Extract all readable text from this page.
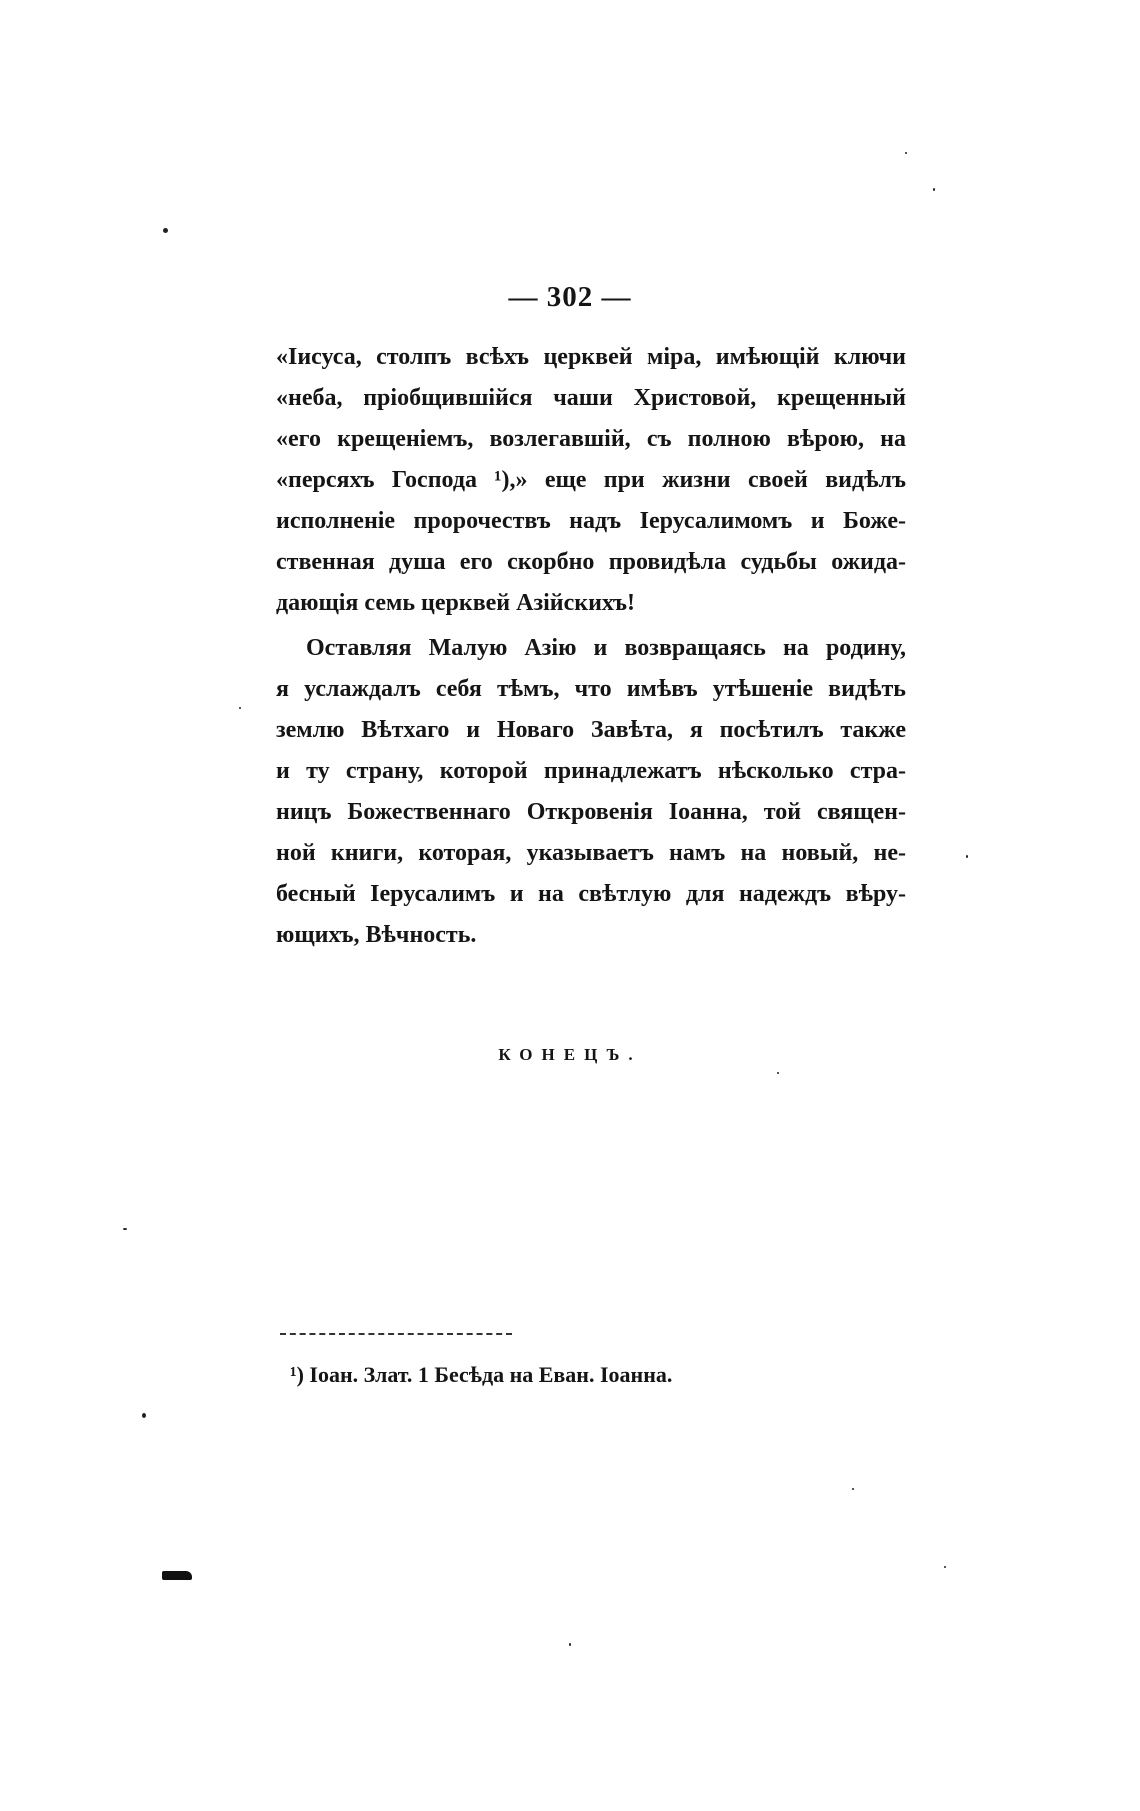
— 302 —
«Іисуса, столпъ всѣхъ церквей міра, имѣющій ключи
«неба, пріобщившійся чаши Христовой, крещенный
«его крещеніемъ, возлегавшій, съ полною вѣрою, на
«персяхъ Господа ¹),» еще при жизни своей видѣлъ
исполненіе пророчествъ надъ Іерусалимомъ и Боже-
ственная душа его скорбно провидѣла судьбы ожида-
дающія семь церквей Азійскихъ!
Оставляя Малую Азію и возвращаясь на родину,
я услаждалъ себя тѣмъ, что имѣвъ утѣшеніе видѣть
землю Вѣтхаго и Новаго Завѣта, я посѣтилъ также
и ту страну, которой принадлежатъ нѣсколько стра-
ницъ Божественнаго Откровенія Іоанна, той священ-
ной книги, которая, указываетъ намъ на новый, не-
бесный Іерусалимъ и на свѣтлую для надеждъ вѣру-
ющихъ, Вѣчность.
КОНЕЦЪ.
¹) Іоан. Злат. 1 Бесѣда на Еван. Іоанна.
